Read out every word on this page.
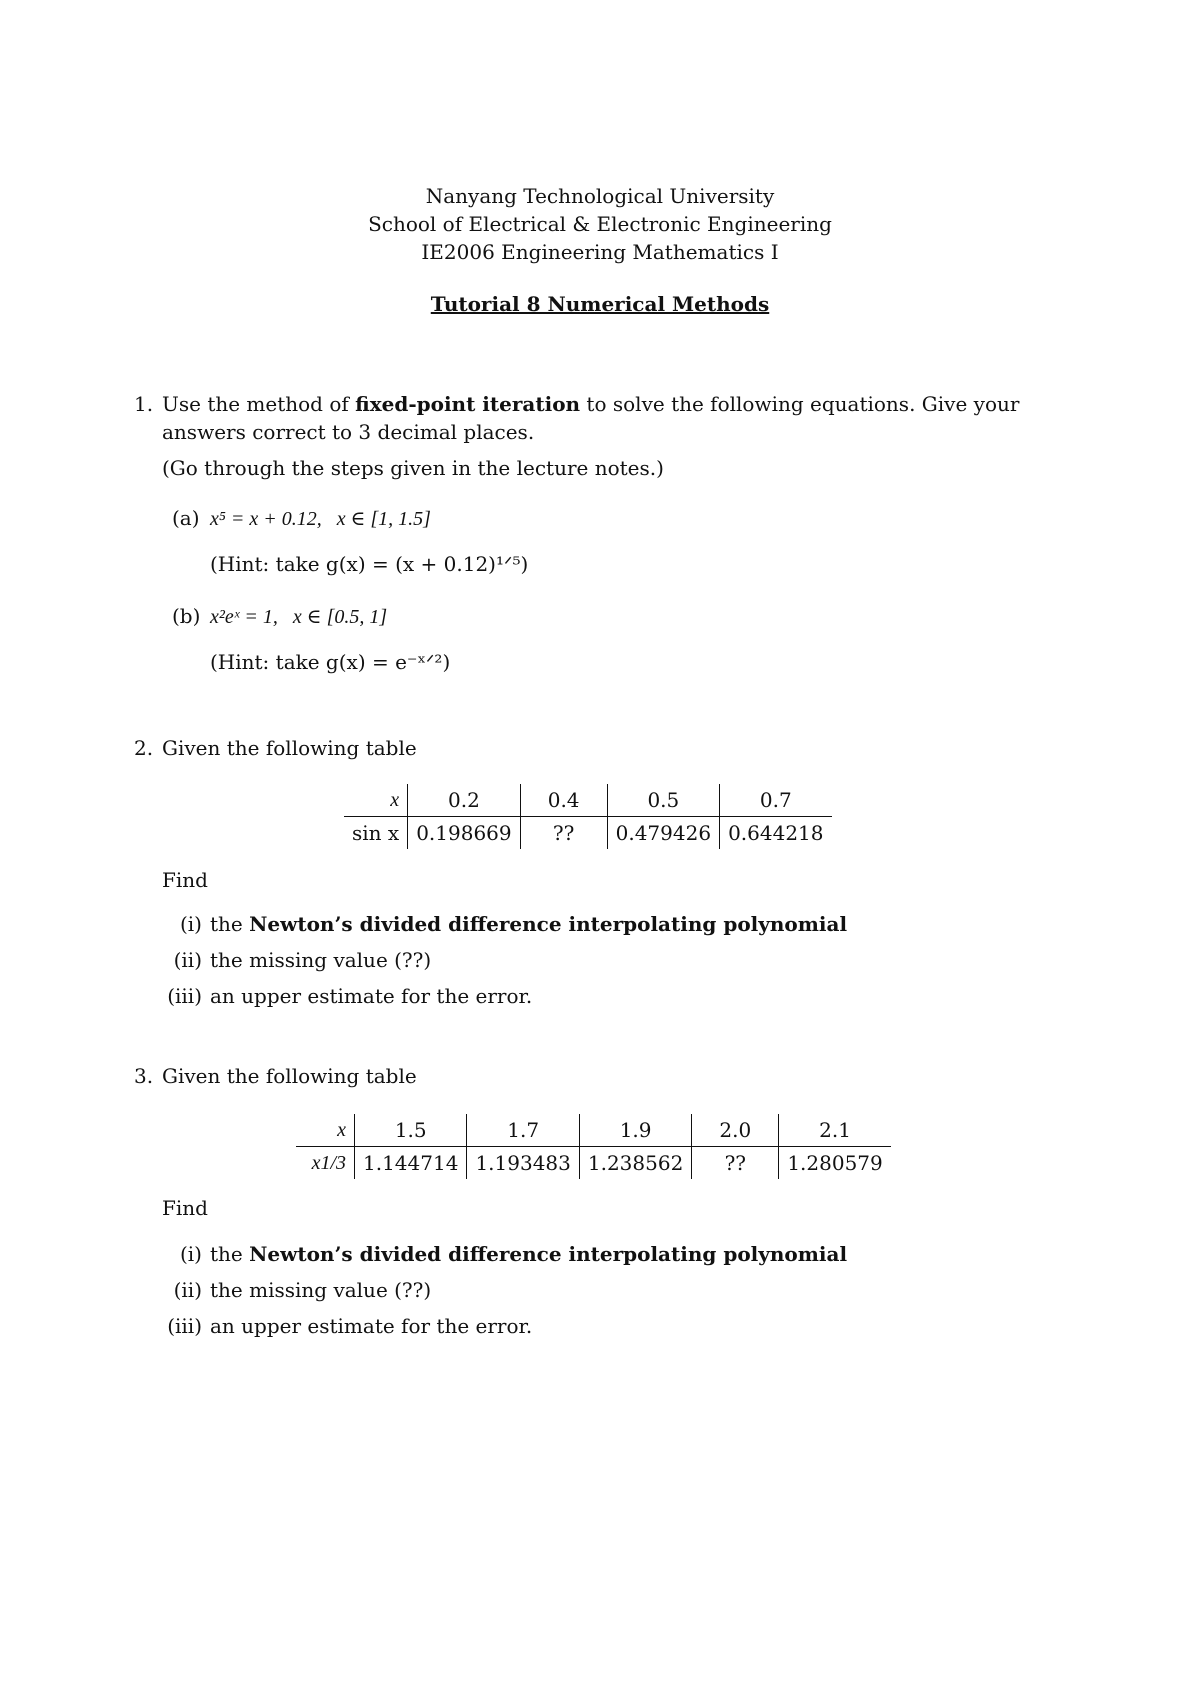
Nanyang Technological University
School of Electrical & Electronic Engineering
IE2006 Engineering Mathematics I
Tutorial 8 Numerical Methods
1. Use the method of fixed-point iteration to solve the following equations. Give your
answers correct to 3 decimal places.
(Go through the steps given in the lecture notes.)
(a) x⁵ = x + 0.12,   x ∈ [1, 1.5]
(Hint: take g(x) = (x + 0.12)¹ᐟ⁵)
(b) x²eˣ = 1,   x ∈ [0.5, 1]
(Hint: take g(x) = e⁻ˣᐟ²)
2. Given the following table
x	0.2	0.4	0.5	0.7
sin x	0.198669	??	0.479426	0.644218
Find
(i) the Newton’s divided difference interpolating polynomial
(ii) the missing value (??)
(iii) an upper estimate for the error.
3. Given the following table
x	1.5	1.7	1.9	2.0	2.1
x1/3	1.144714	1.193483	1.238562	??	1.280579
Find
(i) the Newton’s divided difference interpolating polynomial
(ii) the missing value (??)
(iii) an upper estimate for the error.
